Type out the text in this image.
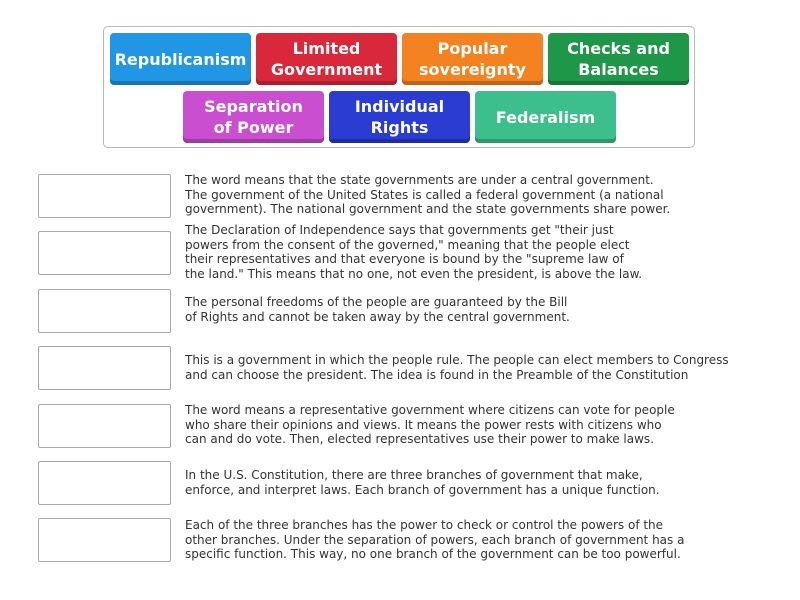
Republicanism
Limited
Government
Popular
sovereignty
Checks and
Balances
Separation
of Power
Individual
Rights
Federalism

The word means that the state governments are under a central government.
The government of the United States is called a federal government (a national
government). The national government and the state governments share power.

The Declaration of Independence says that governments get "their just
powers from the consent of the governed," meaning that the people elect
their representatives and that everyone is bound by the "supreme law of
the land." This means that no one, not even the president, is above the law.

The personal freedoms of the people are guaranteed by the Bill
of Rights and cannot be taken away by the central government.

This is a government in which the people rule. The people can elect members to Congress
and can choose the president. The idea is found in the Preamble of the Constitution

The word means a representative government where citizens can vote for people
who share their opinions and views. It means the power rests with citizens who
can and do vote. Then, elected representatives use their power to make laws.

In the U.S. Constitution, there are three branches of government that make,
enforce, and interpret laws. Each branch of government has a unique function.

Each of the three branches has the power to check or control the powers of the
other branches. Under the separation of powers, each branch of government has a
specific function. This way, no one branch of the government can be too powerful.
